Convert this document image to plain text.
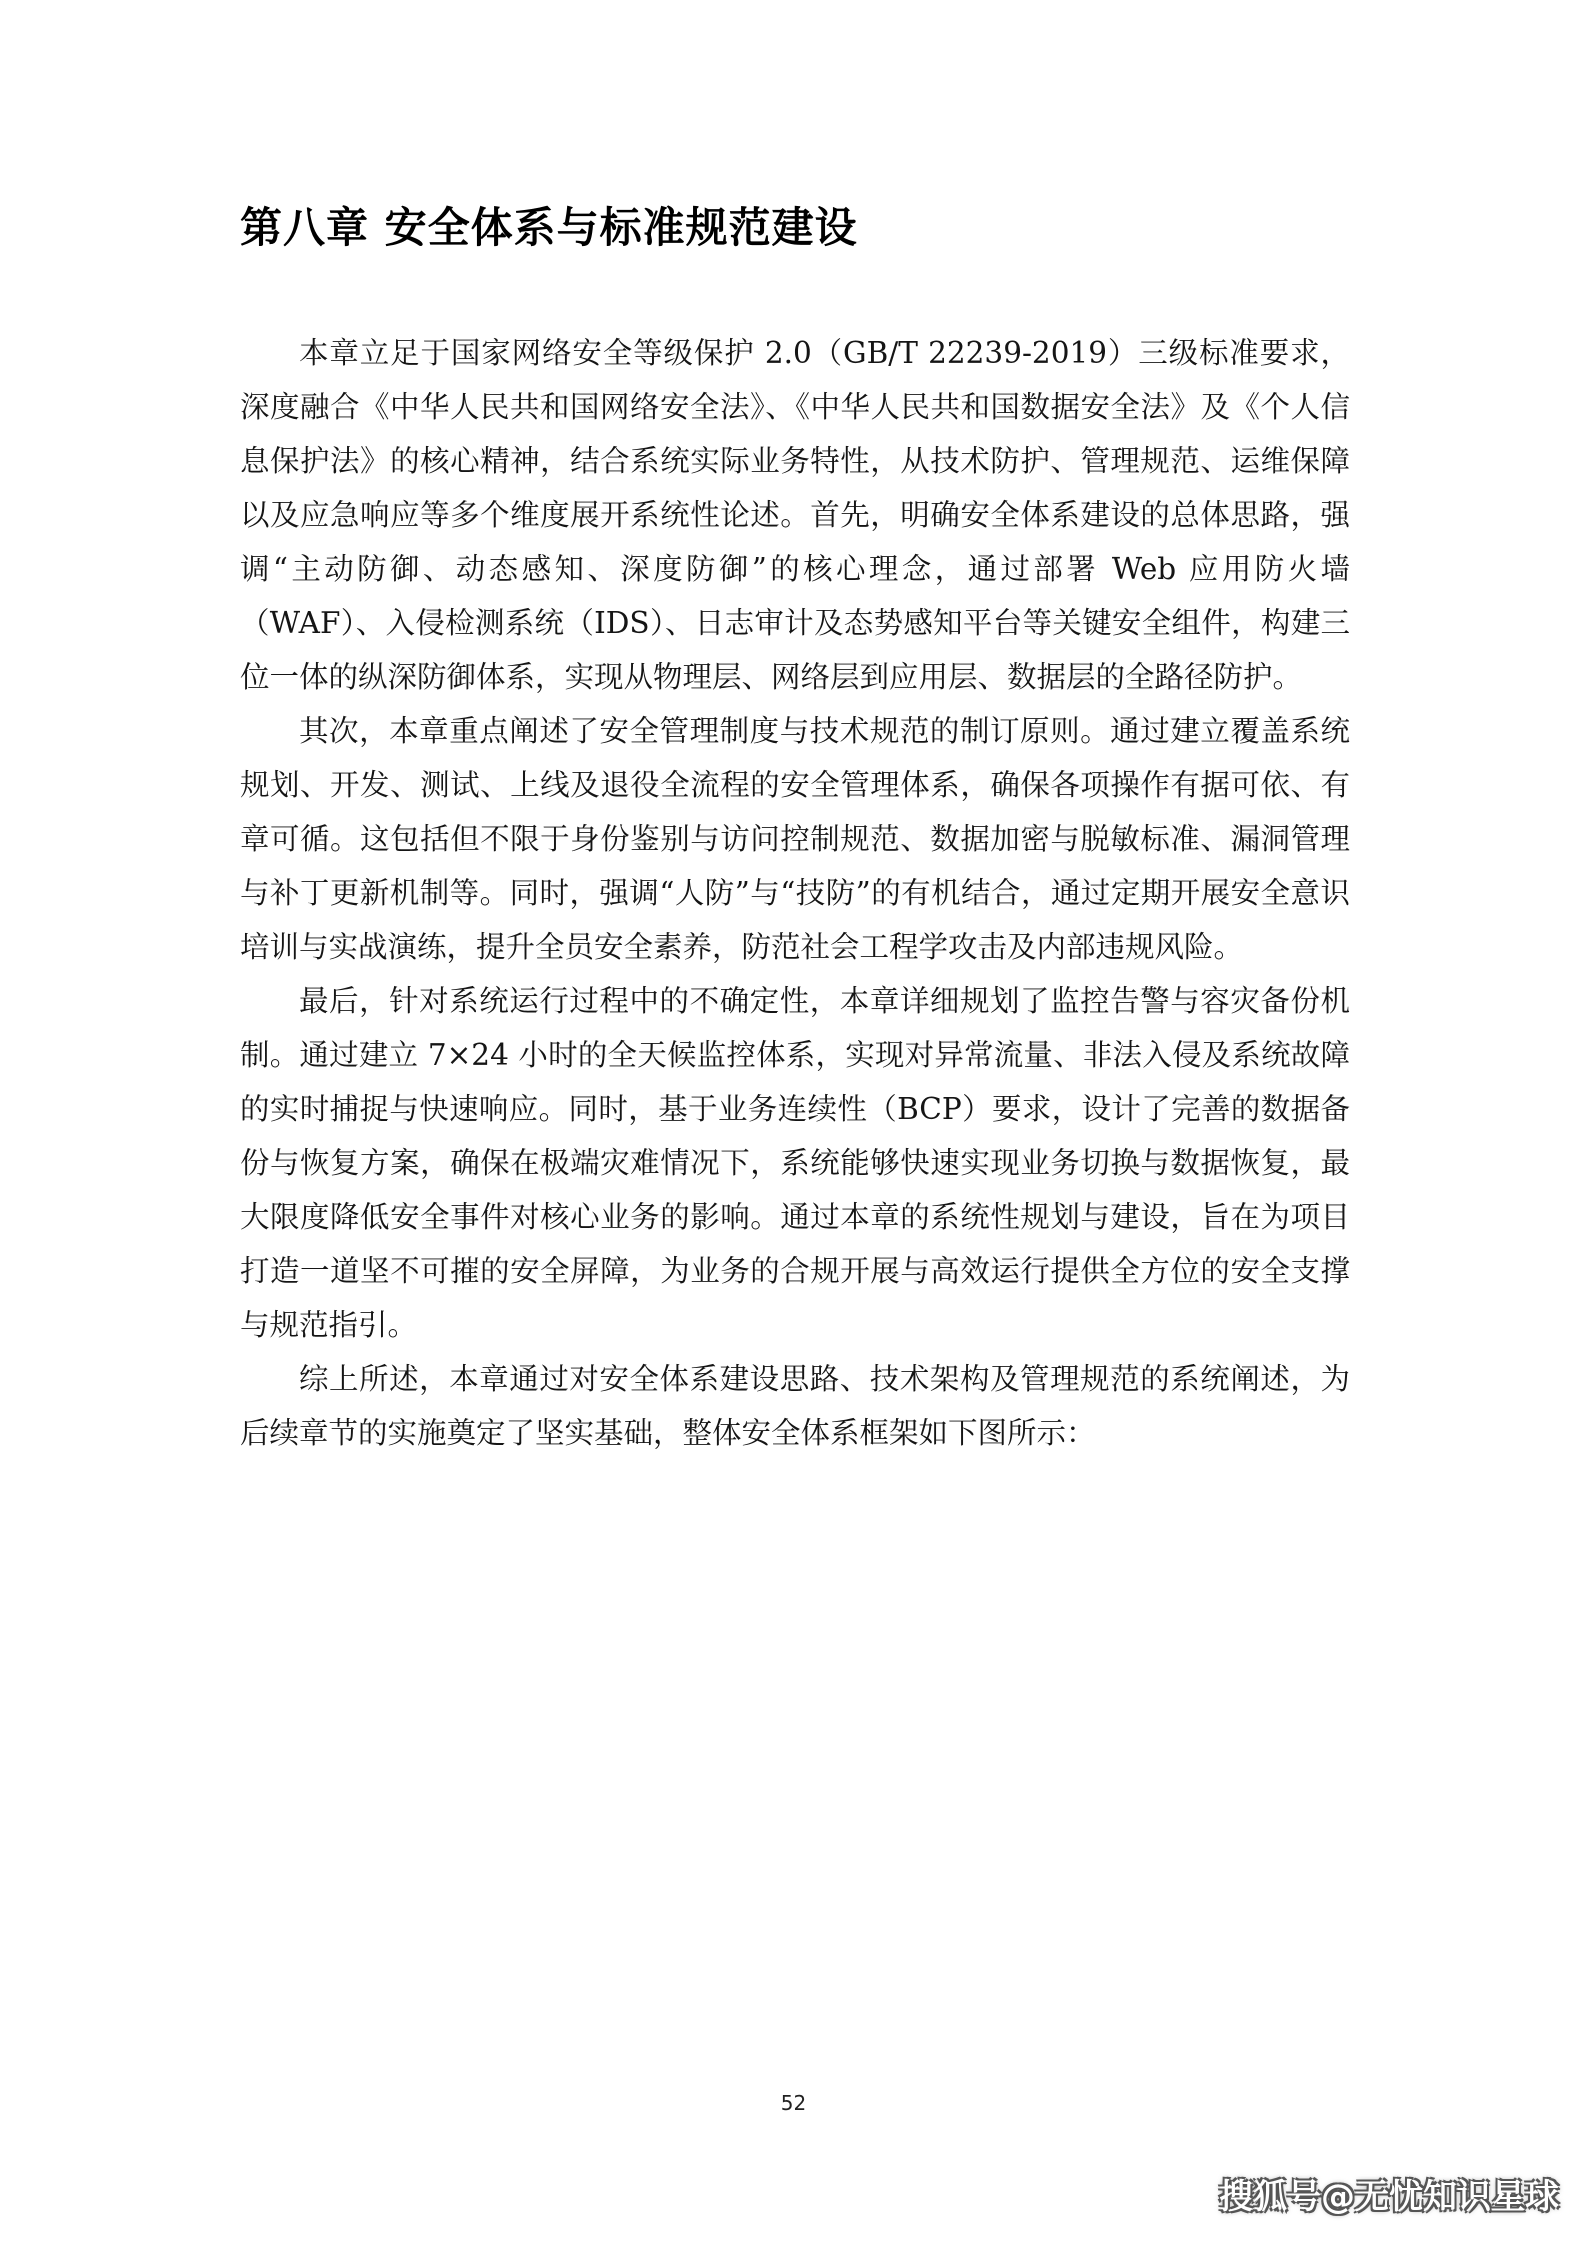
第八章 安全体系与标准规范建设

本章立足于国家网络安全等级保护 2.0（GB/T 22239-2019）三级标准要求，深度融合《中华人民共和国网络安全法》、《中华人民共和国数据安全法》及《个人信息保护法》的核心精神，结合系统实际业务特性，从技术防护、管理规范、运维保障以及应急响应等多个维度展开系统性论述。首先，明确安全体系建设的总体思路，强调“主动防御、动态感知、深度防御”的核心理念，通过部署 Web 应用防火墙（WAF）、入侵检测系统（IDS）、日志审计及态势感知平台等关键安全组件，构建三位一体的纵深防御体系，实现从物理层、网络层到应用层、数据层的全路径防护。

其次，本章重点阐述了安全管理制度与技术规范的制订原则。通过建立覆盖系统规划、开发、测试、上线及退役全流程的安全管理体系，确保各项操作有据可依、有章可循。这包括但不限于身份鉴别与访问控制规范、数据加密与脱敏标准、漏洞管理与补丁更新机制等。同时，强调“人防”与“技防”的有机结合，通过定期开展安全意识培训与实战演练，提升全员安全素养，防范社会工程学攻击及内部违规风险。

最后，针对系统运行过程中的不确定性，本章详细规划了监控告警与容灾备份机制。通过建立 7×24 小时的全天候监控体系，实现对异常流量、非法入侵及系统故障的实时捕捉与快速响应。同时，基于业务连续性（BCP）要求，设计了完善的数据备份与恢复方案，确保在极端灾难情况下，系统能够快速实现业务切换与数据恢复，最大限度降低安全事件对核心业务的影响。通过本章的系统性规划与建设，旨在为项目打造一道坚不可摧的安全屏障，为业务的合规开展与高效运行提供全方位的安全支撑与规范指引。

综上所述，本章通过对安全体系建设思路、技术架构及管理规范的系统阐述，为后续章节的实施奠定了坚实基础，整体安全体系框架如下图所示：

52
搜狐号@无忧知识星球
